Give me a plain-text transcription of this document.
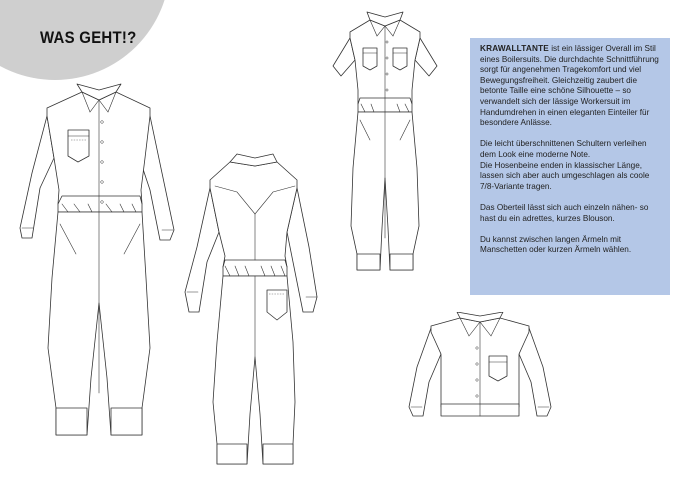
WAS GEHT!?

KRAWALLTANTE ist ein lässiger Overall im Stil eines Boilersuits. Die durchdachte Schnittführung sorgt für angenehmen Tragekomfort und viel Bewegungsfreiheit. Gleichzeitig zaubert die betonte Taille eine schöne Silhouette – so verwandelt sich der lässige Workersuit im Handumdrehen in einen eleganten Einteiler für besondere Anlässe.

Die leicht überschnittenen Schultern verleihen dem Look eine moderne Note.
Die Hosenbeine enden in klassischer Länge, lassen sich aber auch umgeschlagen als coole 7/8-Variante tragen.

Das Oberteil lässt sich auch einzeln nähen- so hast du ein adrettes, kurzes Blouson.

Du kannst zwischen langen Ärmeln mit Manschetten oder kurzen Ärmeln wählen.
